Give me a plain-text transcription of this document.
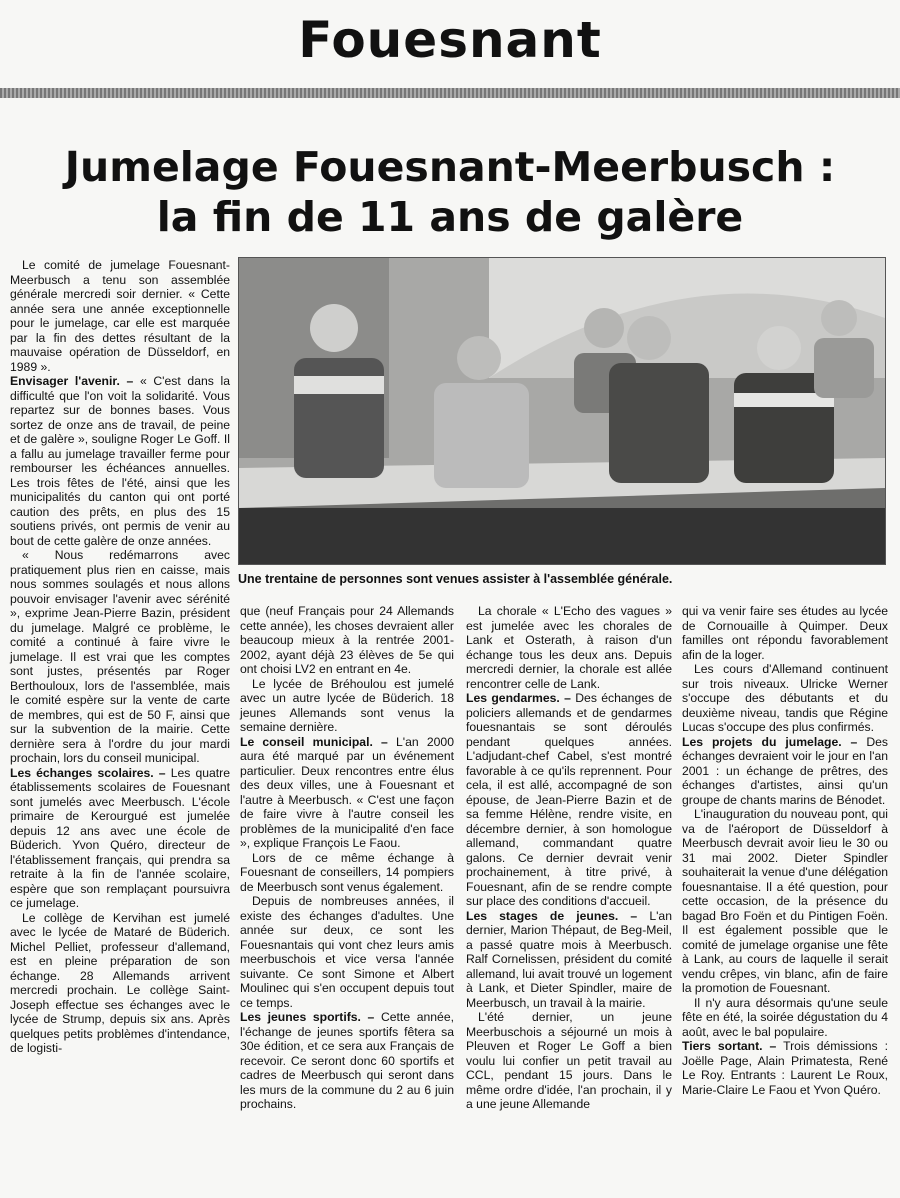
Fouesnant
Jumelage Fouesnant-Meerbusch :
la fin de 11 ans de galère
Une trentaine de personnes sont venues assister à l'assemblée générale.

Le comité de jumelage Fouesnant-Meerbusch a tenu son assemblée générale mercredi soir dernier. « Cette année sera une année exceptionnelle pour le jumelage, car elle est marquée par la fin des dettes résultant de la mauvaise opération de Düsseldorf, en 1989 ».

Envisager l'avenir. – « C'est dans la difficulté que l'on voit la solidarité. Vous repartez sur de bonnes bases. Vous sortez de onze ans de travail, de peine et de galère », souligne Roger Le Goff. Il a fallu au jumelage travailler ferme pour rembourser les échéances annuelles. Les trois fêtes de l'été, ainsi que les municipalités du canton qui ont porté caution des prêts, en plus des 15 soutiens privés, ont permis de venir au bout de cette galère de onze années.

« Nous redémarrons avec pratiquement plus rien en caisse, mais nous sommes soulagés et nous allons pouvoir envisager l'avenir avec sérénité », exprime Jean-Pierre Bazin, président du jumelage. Malgré ce problème, le comité a continué à faire vivre le jumelage. Il est vrai que les comptes sont justes, présentés par Roger Berthouloux, lors de l'assemblée, mais le comité espère sur la vente de carte de membres, qui est de 50 F, ainsi que sur la subvention de la mairie. Cette dernière sera à l'ordre du jour mardi prochain, lors du conseil municipal.

Les échanges scolaires. – Les quatre établissements scolaires de Fouesnant sont jumelés avec Meerbusch. L'école primaire de Kerourgué est jumelée depuis 12 ans avec une école de Büderich. Yvon Quéro, directeur de l'établissement français, qui prendra sa retraite à la fin de l'année scolaire, espère que son remplaçant poursuivra ce jumelage.

Le collège de Kervihan est jumelé avec le lycée de Mataré de Büderich. Michel Pelliet, professeur d'allemand, est en pleine préparation de son échange. 28 Allemands arrivent mercredi prochain. Le collège Saint-Joseph effectue ses échanges avec le lycée de Strump, depuis six ans. Après quelques petits problèmes d'intendance, de logisti-

que (neuf Français pour 24 Allemands cette année), les choses devraient aller beaucoup mieux à la rentrée 2001-2002, ayant déjà 23 élèves de 5e qui ont choisi LV2 en entrant en 4e.

Le lycée de Bréhoulou est jumelé avec un autre lycée de Büderich. 18 jeunes Allemands sont venus la semaine dernière.

Le conseil municipal. – L'an 2000 aura été marqué par un événement particulier. Deux rencontres entre élus des deux villes, une à Fouesnant et l'autre à Meerbusch. « C'est une façon de faire vivre à l'autre conseil les problèmes de la municipalité d'en face », explique François Le Faou.

Lors de ce même échange à Fouesnant de conseillers, 14 pompiers de Meerbusch sont venus également.

Depuis de nombreuses années, il existe des échanges d'adultes. Une année sur deux, ce sont les Fouesnantais qui vont chez leurs amis meerbuschois et vice versa l'année suivante. Ce sont Simone et Albert Moulinec qui s'en occupent depuis tout ce temps.

Les jeunes sportifs. – Cette année, l'échange de jeunes sportifs fêtera sa 30e édition, et ce sera aux Français de recevoir. Ce seront donc 60 sportifs et cadres de Meerbusch qui seront dans les murs de la commune du 2 au 6 juin prochains.

La chorale « L'Echo des vagues » est jumelée avec les chorales de Lank et Osterath, à raison d'un échange tous les deux ans. Depuis mercredi dernier, la chorale est allée rencontrer celle de Lank.

Les gendarmes. – Des échanges de policiers allemands et de gendarmes fouesnantais se sont déroulés pendant quelques années. L'adjudant-chef Cabel, s'est montré favorable à ce qu'ils reprennent. Pour cela, il est allé, accompagné de son épouse, de Jean-Pierre Bazin et de sa femme Hélène, rendre visite, en décembre dernier, à son homologue allemand, commandant quatre galons. Ce dernier devrait venir prochainement, à titre privé, à Fouesnant, afin de se rendre compte sur place des conditions d'accueil.

Les stages de jeunes. – L'an dernier, Marion Thépaut, de Beg-Meil, a passé quatre mois à Meerbusch. Ralf Cornelissen, président du comité allemand, lui avait trouvé un logement à Lank, et Dieter Spindler, maire de Meerbusch, un travail à la mairie.

L'été dernier, un jeune Meerbuschois a séjourné un mois à Pleuven et Roger Le Goff a bien voulu lui confier un petit travail au CCL, pendant 15 jours. Dans le même ordre d'idée, l'an prochain, il y a une jeune Allemande

qui va venir faire ses études au lycée de Cornouaille à Quimper. Deux familles ont répondu favorablement afin de la loger.

Les cours d'Allemand continuent sur trois niveaux. Ulricke Werner s'occupe des débutants et du deuxième niveau, tandis que Régine Lucas s'occupe des plus confirmés.

Les projets du jumelage. – Des échanges devraient voir le jour en l'an 2001 : un échange de prêtres, des échanges d'artistes, ainsi qu'un groupe de chants marins de Bénodet.

L'inauguration du nouveau pont, qui va de l'aéroport de Düsseldorf à Meerbusch devrait avoir lieu le 30 ou 31 mai 2002. Dieter Spindler souhaiterait la venue d'une délégation fouesnantaise. Il a été question, pour cette occasion, de la présence du bagad Bro Foën et du Pintigen Foën. Il est également possible que le comité de jumelage organise une fête à Lank, au cours de laquelle il serait vendu crêpes, vin blanc, afin de faire la promotion de Fouesnant.

Il n'y aura désormais qu'une seule fête en été, la soirée dégustation du 4 août, avec le bal populaire.

Tiers sortant. – Trois démissions : Joëlle Page, Alain Primatesta, René Le Roy. Entrants : Laurent Le Roux, Marie-Claire Le Faou et Yvon Quéro.
